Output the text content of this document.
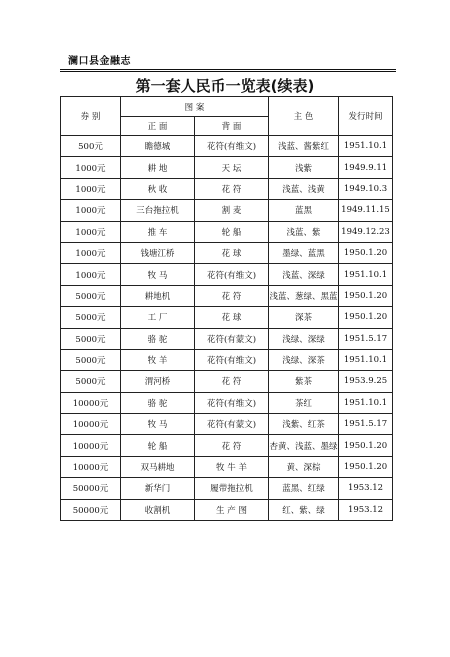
澜口县金融志
第一套人民币一览表(续表)
券 别	图 案		主 色	发行时间
	正 面	背 面		
500元	瞻德城	花符(有维文)	浅蓝、酱紫红	1951.10.1
1000元	耕 地	天 坛	浅紫	1949.9.11
1000元	秋 收	花 符	浅蓝、浅黄	1949.10.3
1000元	三台拖拉机	割 麦	蓝黑	1949.11.15
1000元	推 车	轮 船	浅蓝、紫	1949.12.23
1000元	钱塘江桥	花 球	墨绿、蓝黑	1950.1.20
1000元	牧 马	花符(有维文)	浅蓝、深绿	1951.10.1
5000元	耕地机	花 符	浅蓝、葱绿、黑蓝	1950.1.20
5000元	工 厂	花 球	深茶	1950.1.20
5000元	骆 驼	花符(有蒙文)	浅绿、深绿	1951.5.17
5000元	牧 羊	花符(有维文)	浅绿、深茶	1951.10.1
5000元	渭河桥	花 符	紫茶	1953.9.25
10000元	骆 驼	花符(有维文)	茶红	1951.10.1
10000元	牧 马	花符(有蒙文)	浅紫、红茶	1951.5.17
10000元	轮 船	花 符	杏黄、浅蓝、墨绿	1950.1.20
10000元	双马耕地	牧 牛 羊	黄、深棕	1950.1.20
50000元	新华门	履带拖拉机	蓝黑、红绿	1953.12
50000元	收割机	生 产 图	红、紫、绿	1953.12
